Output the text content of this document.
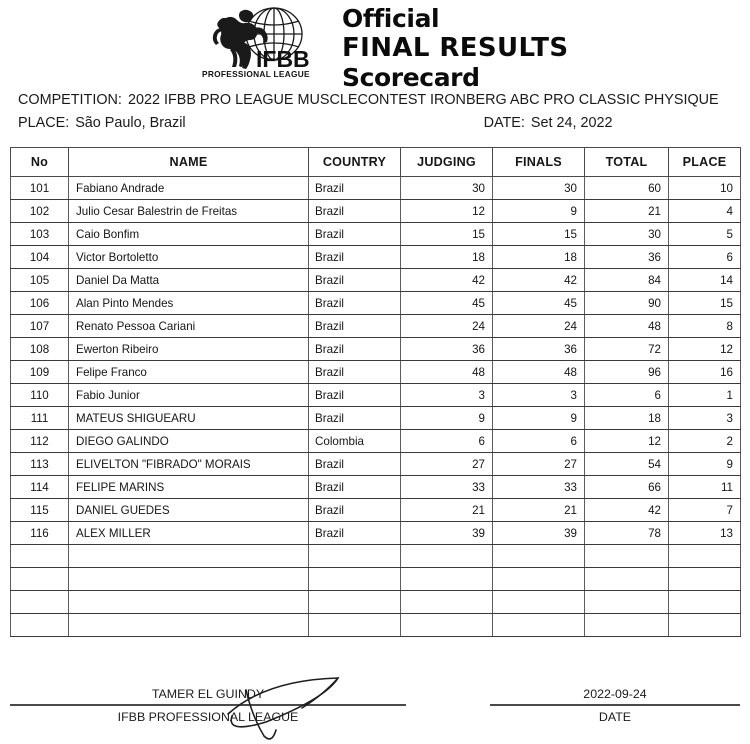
IFBB
PROFESSIONAL LEAGUE
Official
FINAL RESULTS
Scorecard
COMPETITION: 2022 IFBB PRO LEAGUE MUSCLECONTEST IRONBERG ABC PRO CLASSIC PHYSIQUE
PLACE: São Paulo, Brazil	DATE: Set 24, 2022
No	NAME	COUNTRY	JUDGING	FINALS	TOTAL	PLACE
101	Fabiano Andrade	Brazil	30	30	60	10
102	Julio Cesar Balestrin de Freitas	Brazil	12	9	21	4
103	Caio Bonfim	Brazil	15	15	30	5
104	Victor Bortoletto	Brazil	18	18	36	6
105	Daniel Da Matta	Brazil	42	42	84	14
106	Alan Pinto Mendes	Brazil	45	45	90	15
107	Renato Pessoa Cariani	Brazil	24	24	48	8
108	Ewerton Ribeiro	Brazil	36	36	72	12
109	Felipe Franco	Brazil	48	48	96	16
110	Fabio Junior	Brazil	3	3	6	1
111	MATEUS SHIGUEARU	Brazil	9	9	18	3
112	DIEGO GALINDO	Colombia	6	6	12	2
113	ELIVELTON "FIBRADO" MORAIS	Brazil	27	27	54	9
114	FELIPE MARINS	Brazil	33	33	66	11
115	DANIEL GUEDES	Brazil	21	21	42	7
116	ALEX MILLER	Brazil	39	39	78	13

TAMER EL GUINDY
IFBB PROFESSIONAL LEAGUE
2022-09-24
DATE
